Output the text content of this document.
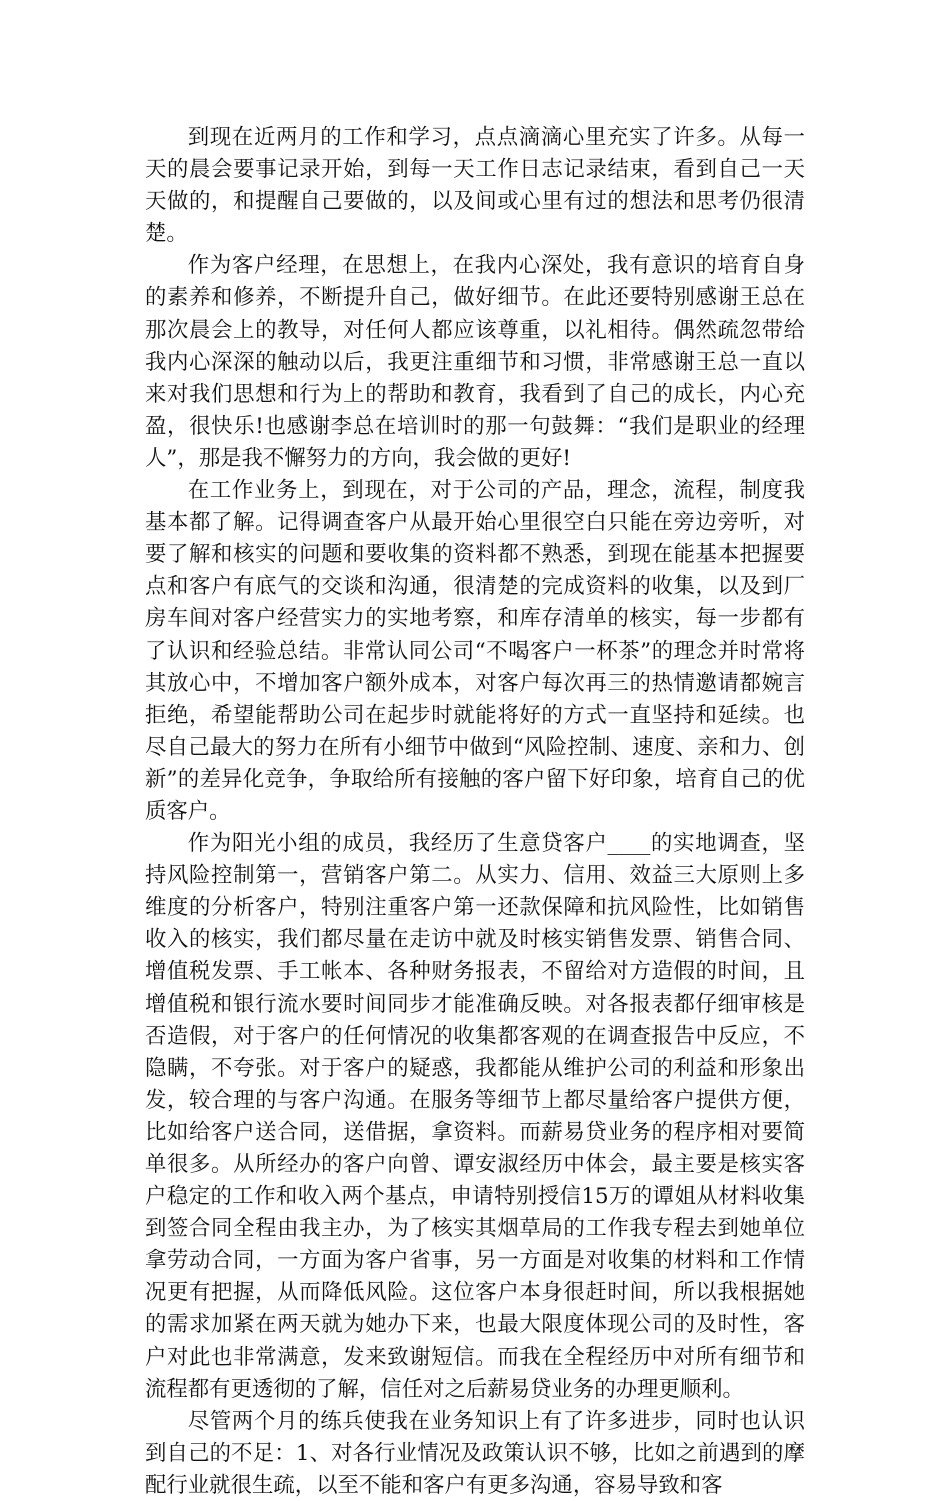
到现在近两月的工作和学习，点点滴滴心里充实了许多。从每一天的晨会要事记录开始，到每一天工作日志记录结束，看到自己一天天做的，和提醒自己要做的，以及间或心里有过的想法和思考仍很清楚。

作为客户经理，在思想上，在我内心深处，我有意识的培育自身的素养和修养，不断提升自己，做好细节。在此还要特别感谢王总在那次晨会上的教导，对任何人都应该尊重，以礼相待。偶然疏忽带给我内心深深的触动以后，我更注重细节和习惯，非常感谢王总一直以来对我们思想和行为上的帮助和教育，我看到了自己的成长，内心充盈，很快乐!也感谢李总在培训时的那一句鼓舞：“我们是职业的经理人”，那是我不懈努力的方向，我会做的更好!

在工作业务上，到现在，对于公司的产品，理念，流程，制度我基本都了解。记得调查客户从最开始心里很空白只能在旁边旁听，对要了解和核实的问题和要收集的资料都不熟悉，到现在能基本把握要点和客户有底气的交谈和沟通，很清楚的完成资料的收集，以及到厂房车间对客户经营实力的实地考察，和库存清单的核实，每一步都有了认识和经验总结。非常认同公司“不喝客户一杯茶”的理念并时常将其放心中，不增加客户额外成本，对客户每次再三的热情邀请都婉言拒绝，希望能帮助公司在起步时就能将好的方式一直坚持和延续。也尽自己最大的努力在所有小细节中做到“风险控制、速度、亲和力、创新”的差异化竞争，争取给所有接触的客户留下好印象，培育自己的优质客户。

作为阳光小组的成员，我经历了生意贷客户____的实地调查，坚持风险控制第一，营销客户第二。从实力、信用、效益三大原则上多维度的分析客户，特别注重客户第一还款保障和抗风险性，比如销售收入的核实，我们都尽量在走访中就及时核实销售发票、销售合同、增值税发票、手工帐本、各种财务报表，不留给对方造假的时间，且增值税和银行流水要时间同步才能准确反映。对各报表都仔细审核是否造假，对于客户的任何情况的收集都客观的在调查报告中反应，不隐瞒，不夸张。对于客户的疑惑，我都能从维护公司的利益和形象出发，较合理的与客户沟通。在服务等细节上都尽量给客户提供方便，比如给客户送合同，送借据，拿资料。而薪易贷业务的程序相对要简单很多。从所经办的客户向曾、谭安淑经历中体会，最主要是核实客户稳定的工作和收入两个基点，申请特别授信15万的谭姐从材料收集到签合同全程由我主办，为了核实其烟草局的工作我专程去到她单位拿劳动合同，一方面为客户省事，另一方面是对收集的材料和工作情况更有把握，从而降低风险。这位客户本身很赶时间，所以我根据她的需求加紧在两天就为她办下来，也最大限度体现公司的及时性，客户对此也非常满意，发来致谢短信。而我在全程经历中对所有细节和流程都有更透彻的了解，信任对之后薪易贷业务的办理更顺利。

尽管两个月的练兵使我在业务知识上有了许多进步，同时也认识到自己的不足：1、对各行业情况及政策认识不够，比如之前遇到的摩配行业就很生疏，以至不能和客户有更多沟通，容易导致和客
